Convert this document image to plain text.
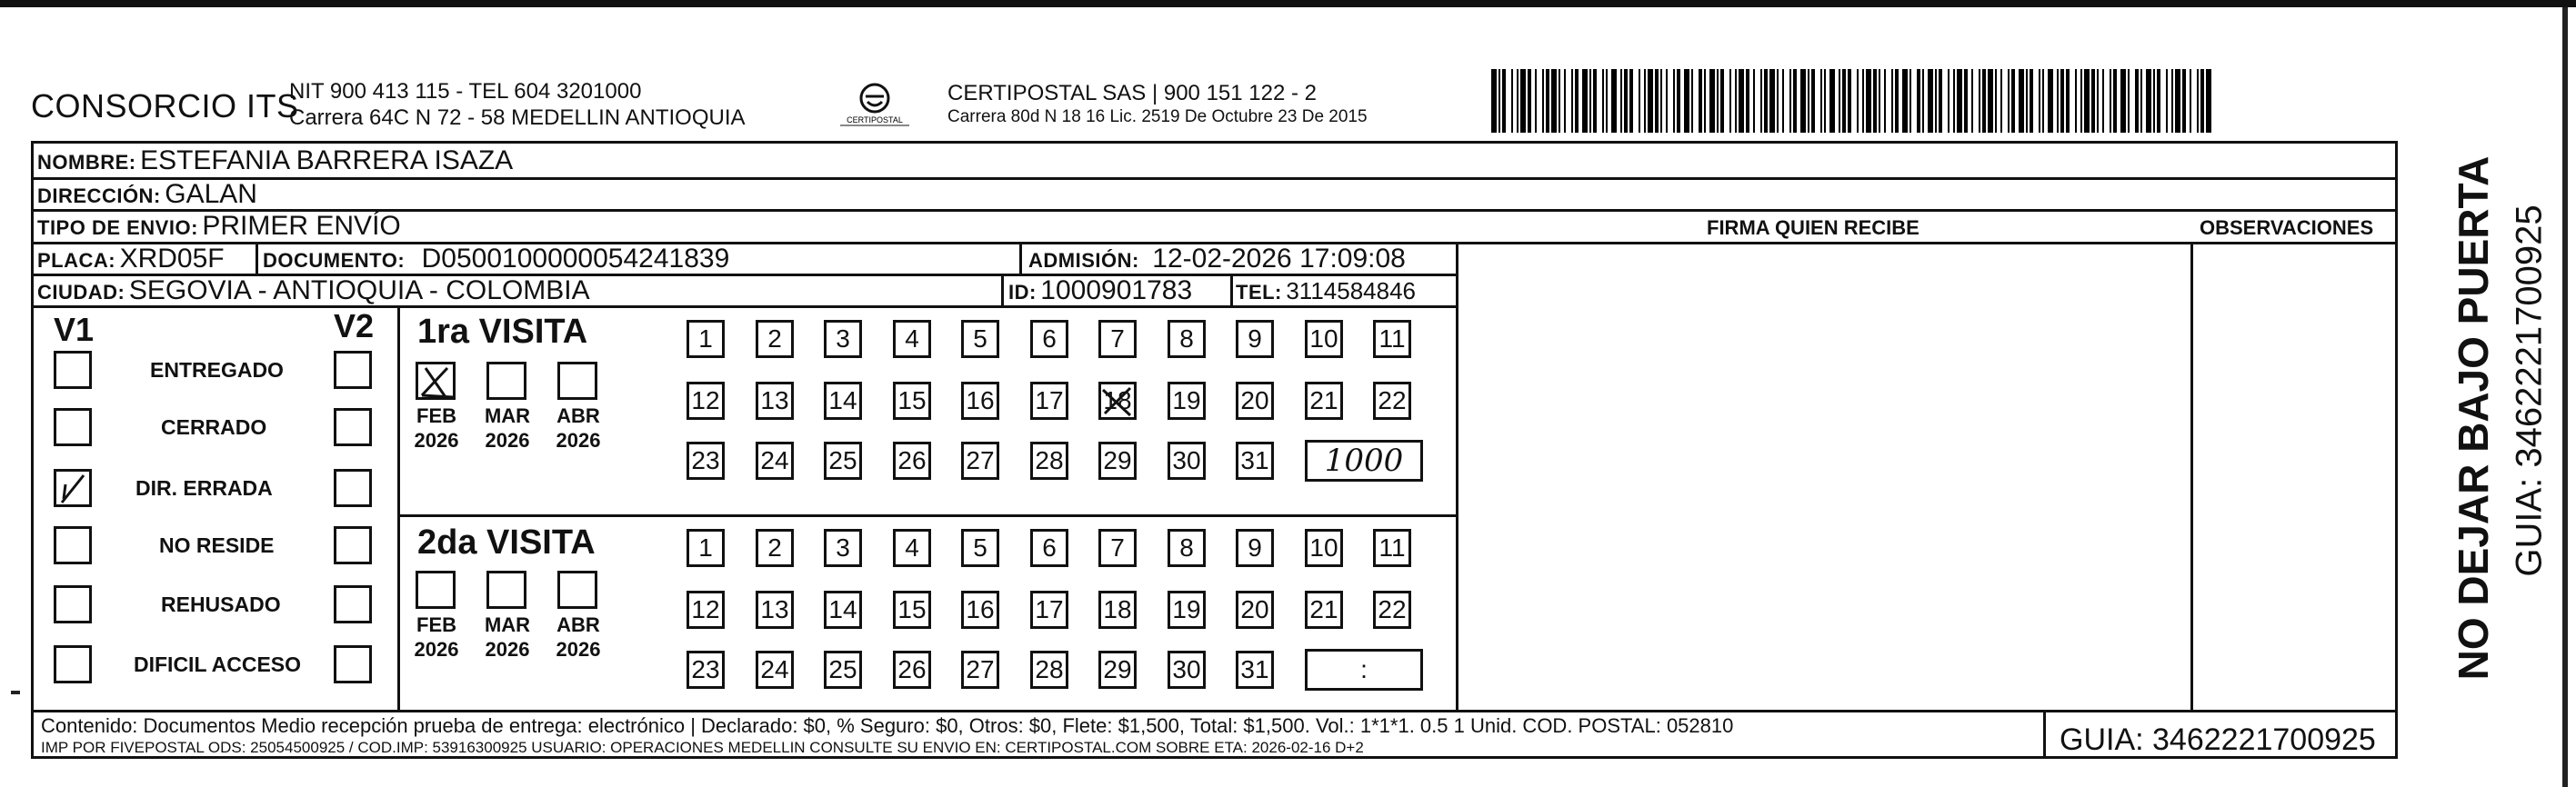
CONSORCIO ITS
NIT 900 413 115 - TEL 604 3201000
Carrera 64C N 72 - 58 MEDELLIN ANTIOQUIA	CERTIPOSTAL
CERTIPOSTAL SAS | 900 151 122 - 2
Carrera 80d N 18 16 Lic. 2519 De Octubre 23 De 2015
NOMBRE: ESTEFANIA BARRERA ISAZA
DIRECCIÓN: GALAN
TIPO DE ENVIO: PRIMER ENVÍO	FIRMA QUIEN RECIBE	OBSERVACIONES
PLACA: XRD05F DOCUMENTO: D0500100000054241839	ADMISIÓN: 12-02-2026 17:09:08
CIUDAD: SEGOVIA - ANTIOQUIA - COLOMBIA	ID: 1000901783 TEL: 3114584846
V1	V2
ENTREGADO
CERRADO
DIR. ERRADA
NO RESIDE
REHUSADO
DIFICIL ACCESO
1ra VISITA
2da VISITA
FEB
2026
MAR
2026
ABR
2026
1 2 3 4 5 6 7 8 9 10 11
12 13 14 15 16 17 18 19 20 21 22
23 24 25 26 27 28 29 30 31 1000
FEB
2026
MAR
2026
ABR
2026
1 2 3 4 5 6 7 8 9 10 11
12 13 14 15 16 17 18 19 20 21 22
23 24 25 26 27 28 29 30 31	:
Contenido: Documentos Medio recepción prueba de entrega: electrónico | Declarado: $0, % Seguro: $0, Otros: $0, Flete: $1,500, Total: $1,500. Vol.: 1*1*1. 0.5 1 Unid. COD. POSTAL: 052810
IMP POR FIVEPOSTAL ODS: 25054500925 / COD.IMP: 53916300925 USUARIO: OPERACIONES MEDELLIN CONSULTE SU ENVIO EN: CERTIPOSTAL.COM SOBRE ETA: 2026-02-16 D+2	GUIA: 3462221700925
NO DEJAR BAJO PUERTA GUIA: 3462221700925
